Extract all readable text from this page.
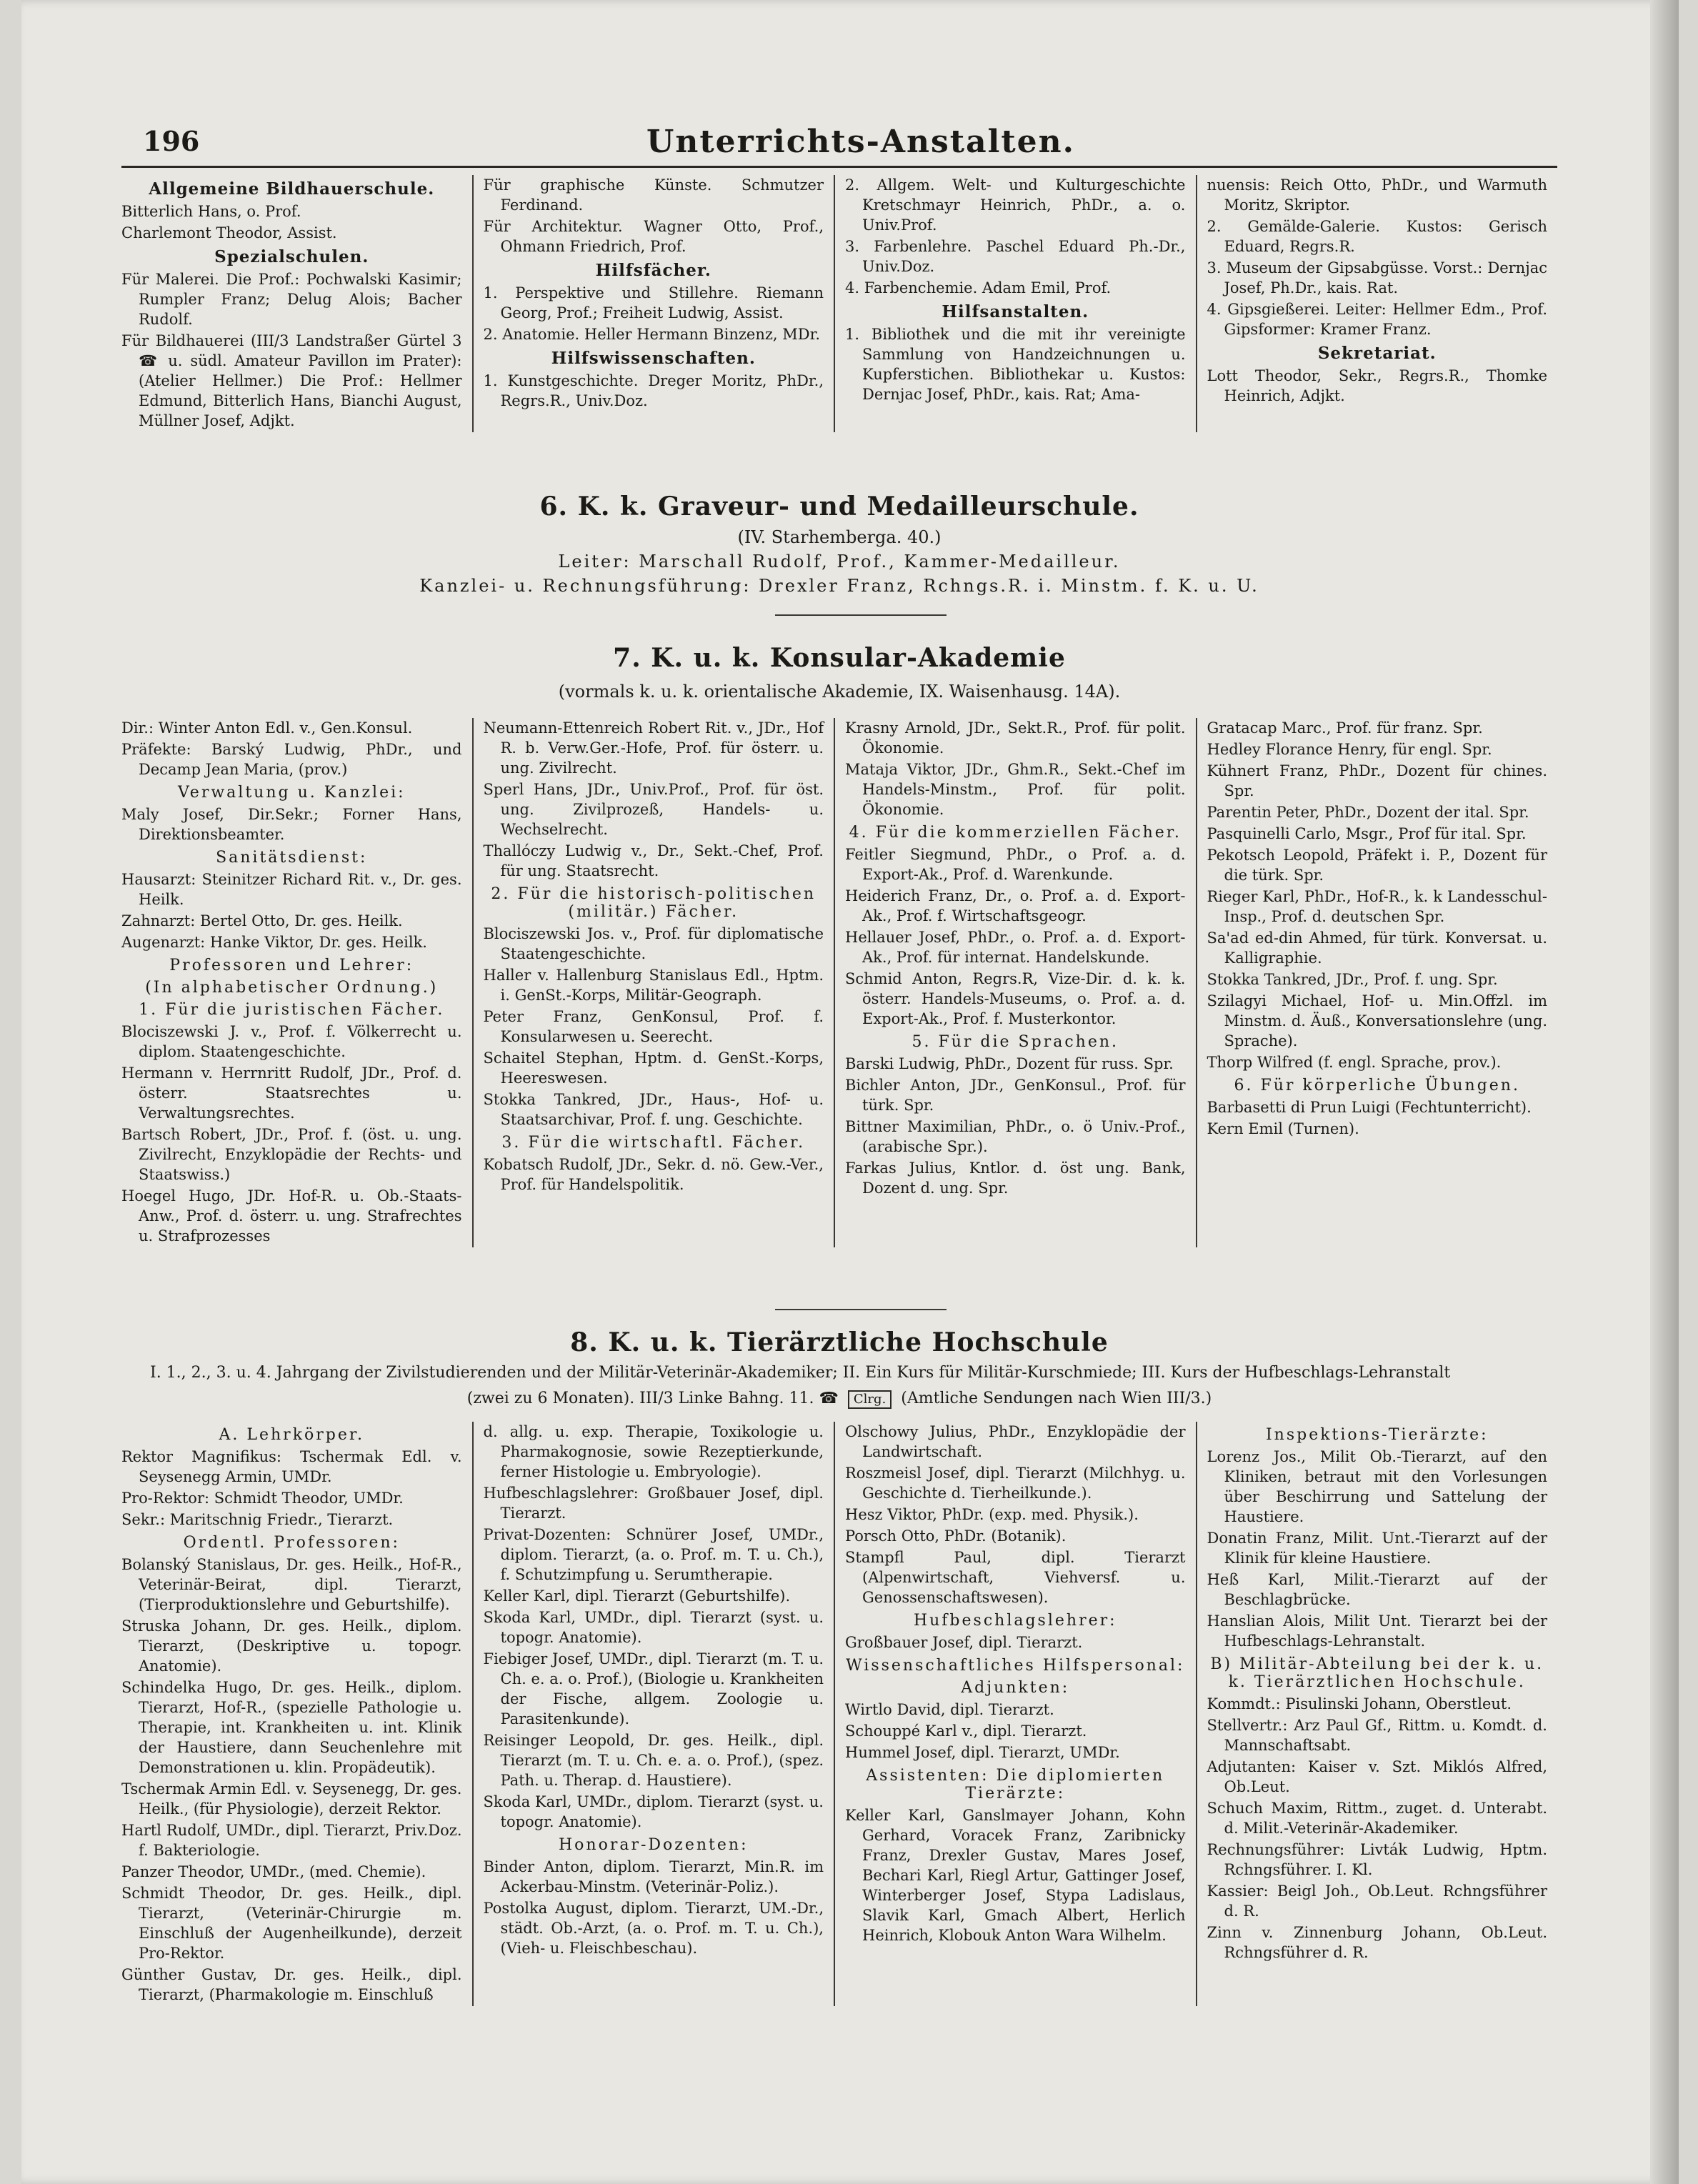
196	Unterrichts-Anstalten.
Allgemeine Bildhauerschule.

Bitterlich Hans, o. Prof.

Charlemont Theodor, Assist.

Spezialschulen.

Für Malerei. Die Prof.: Pochwalski Kasimir; Rumpler Franz; Delug Alois; Bacher Rudolf.

Für Bildhauerei (III/3 Landstraßer Gürtel 3 ☎ u. südl. Amateur Pavillon im Prater): (Atelier Hellmer.) Die Prof.: Hellmer Edmund, Bitterlich Hans, Bianchi August, Müllner Josef, Adjkt.

Für graphische Künste. Schmutzer Ferdinand.

Für Architektur. Wagner Otto, Prof., Ohmann Friedrich, Prof.

Hilfsfächer.

1. Perspektive und Stillehre. Riemann Georg, Prof.; Freiheit Ludwig, Assist.

2. Anatomie. Heller Hermann Binzenz, MDr.

Hilfswissenschaften.

1. Kunstgeschichte. Dreger Moritz, PhDr., Regrs.R., Univ.Doz.

2. Allgem. Welt- und Kulturgeschichte Kretschmayr Heinrich, PhDr., a. o. Univ.Prof.

3. Farbenlehre. Paschel Eduard Ph.-Dr., Univ.Doz.

4. Farbenchemie. Adam Emil, Prof.

Hilfsanstalten.

1. Bibliothek und die mit ihr vereinigte Sammlung von Handzeichnungen u. Kupferstichen. Bibliothekar u. Kustos: Dernjac Josef, PhDr., kais. Rat; Ama-

nuensis: Reich Otto, PhDr., und Warmuth Moritz, Skriptor.

2. Gemälde-Galerie. Kustos: Gerisch Eduard, Regrs.R.

3. Museum der Gipsabgüsse. Vorst.: Dernjac Josef, Ph.Dr., kais. Rat.

4. Gipsgießerei. Leiter: Hellmer Edm., Prof. Gipsformer: Kramer Franz.

Sekretariat.

Lott Theodor, Sekr., Regrs.R., Thomke Heinrich, Adjkt.

6. K. k. Graveur- und Medailleurschule.
(IV. Starhemberga. 40.)
Leiter: Marschall Rudolf, Prof., Kammer-Medailleur.
Kanzlei- u. Rechnungsführung: Drexler Franz, Rchngs.R. i. Minstm. f. K. u. U.
7. K. u. k. Konsular-Akademie
(vormals k. u. k. orientalische Akademie, IX. Waisenhausg. 14A).

Dir.: Winter Anton Edl. v., Gen.Konsul.

Präfekte: Barský Ludwig, PhDr., und Decamp Jean Maria, (prov.)

Verwaltung u. Kanzlei:

Maly Josef, Dir.Sekr.; Forner Hans, Direktionsbeamter.

Sanitätsdienst:

Hausarzt: Steinitzer Richard Rit. v., Dr. ges. Heilk.

Zahnarzt: Bertel Otto, Dr. ges. Heilk.

Augenarzt: Hanke Viktor, Dr. ges. Heilk.

Professoren und Lehrer:
(In alphabetischer Ordnung.)
1. Für die juristischen Fächer.

Blociszewski J. v., Prof. f. Völkerrecht u. diplom. Staatengeschichte.

Hermann v. Herrnritt Rudolf, JDr., Prof. d. österr. Staatsrechtes u. Verwaltungsrechtes.

Bartsch Robert, JDr., Prof. f. (öst. u. ung. Zivilrecht, Enzyklopädie der Rechts- und Staatswiss.)

Hoegel Hugo, JDr. Hof-R. u. Ob.-Staats-Anw., Prof. d. österr. u. ung. Strafrechtes u. Strafprozesses

Neumann-Ettenreich Robert Rit. v., JDr., Hof R. b. Verw.Ger.-Hofe, Prof. für österr. u. ung. Zivilrecht.

Sperl Hans, JDr., Univ.Prof., Prof. für öst. ung. Zivilprozeß, Handels- u. Wechselrecht.

Thallóczy Ludwig v., Dr., Sekt.-Chef, Prof. für ung. Staatsrecht.

2. Für die historisch-politischen (militär.) Fächer.

Blociszewski Jos. v., Prof. für diplomatische Staatengeschichte.

Haller v. Hallenburg Stanislaus Edl., Hptm. i. GenSt.-Korps, Militär-Geograph.

Peter Franz, GenKonsul, Prof. f. Konsularwesen u. Seerecht.

Schaitel Stephan, Hptm. d. GenSt.-Korps, Heereswesen.

Stokka Tankred, JDr., Haus-, Hof- u. Staatsarchivar, Prof. f. ung. Geschichte.

3. Für die wirtschaftl. Fächer.

Kobatsch Rudolf, JDr., Sekr. d. nö. Gew.-Ver., Prof. für Handelspolitik.

Krasny Arnold, JDr., Sekt.R., Prof. für polit. Ökonomie.

Mataja Viktor, JDr., Ghm.R., Sekt.-Chef im Handels-Minstm., Prof. für polit. Ökonomie.

4. Für die kommerziellen Fächer.

Feitler Siegmund, PhDr., o Prof. a. d. Export-Ak., Prof. d. Warenkunde.

Heiderich Franz, Dr., o. Prof. a. d. Export-Ak., Prof. f. Wirtschaftsgeogr.

Hellauer Josef, PhDr., o. Prof. a. d. Export-Ak., Prof. für internat. Handelskunde.

Schmid Anton, Regrs.R, Vize-Dir. d. k. k. österr. Handels-Museums, o. Prof. a. d. Export-Ak., Prof. f. Musterkontor.

5. Für die Sprachen.

Barski Ludwig, PhDr., Dozent für russ. Spr.

Bichler Anton, JDr., GenKonsul., Prof. für türk. Spr.

Bittner Maximilian, PhDr., o. ö Univ.-Prof., (arabische Spr.).

Farkas Julius, Kntlor. d. öst ung. Bank, Dozent d. ung. Spr.

Gratacap Marc., Prof. für franz. Spr.

Hedley Florance Henry, für engl. Spr.

Kühnert Franz, PhDr., Dozent für chines. Spr.

Parentin Peter, PhDr., Dozent der ital. Spr.

Pasquinelli Carlo, Msgr., Prof für ital. Spr.

Pekotsch Leopold, Präfekt i. P., Dozent für die türk. Spr.

Rieger Karl, PhDr., Hof-R., k. k Landesschul-Insp., Prof. d. deutschen Spr.

Sa'ad ed-din Ahmed, für türk. Konversat. u. Kalligraphie.

Stokka Tankred, JDr., Prof. f. ung. Spr.

Szilagyi Michael, Hof- u. Min.Offzl. im Minstm. d. Äuß., Konversationslehre (ung. Sprache).

Thorp Wilfred (f. engl. Sprache, prov.).

6. Für körperliche Übungen.

Barbasetti di Prun Luigi (Fechtunterricht).

Kern Emil (Turnen).

8. K. u. k. Tierärztliche Hochschule
I. 1., 2., 3. u. 4. Jahrgang der Zivilstudierenden und der Militär-Veterinär-Akademiker; II. Ein Kurs für Militär-Kurschmiede; III. Kurs der Hufbeschlags-Lehranstalt
(zwei zu 6 Monaten). III/3 Linke Bahng. 11. ☎ Clrg. (Amtliche Sendungen nach Wien III/3.)
A. Lehrkörper.

Rektor Magnifikus: Tschermak Edl. v. Seysenegg Armin, UMDr.

Pro-Rektor: Schmidt Theodor, UMDr.

Sekr.: Maritschnig Friedr., Tierarzt.

Ordentl. Professoren:

Bolanský Stanislaus, Dr. ges. Heilk., Hof-R., Veterinär-Beirat, dipl. Tierarzt, (Tierproduktionslehre und Geburtshilfe).

Struska Johann, Dr. ges. Heilk., diplom. Tierarzt, (Deskriptive u. topogr. Anatomie).

Schindelka Hugo, Dr. ges. Heilk., diplom. Tierarzt, Hof-R., (spezielle Pathologie u. Therapie, int. Krankheiten u. int. Klinik der Haustiere, dann Seuchenlehre mit Demonstrationen u. klin. Propädeutik).

Tschermak Armin Edl. v. Seysenegg, Dr. ges. Heilk., (für Physiologie), derzeit Rektor.

Hartl Rudolf, UMDr., dipl. Tierarzt, Priv.Doz. f. Bakteriologie.

Panzer Theodor, UMDr., (med. Chemie).

Schmidt Theodor, Dr. ges. Heilk., dipl. Tierarzt, (Veterinär-Chirurgie m. Einschluß der Augenheilkunde), derzeit Pro-Rektor.

Günther Gustav, Dr. ges. Heilk., dipl. Tierarzt, (Pharmakologie m. Einschluß

d. allg. u. exp. Therapie, Toxikologie u. Pharmakognosie, sowie Rezeptierkunde, ferner Histologie u. Embryologie).

Hufbeschlagslehrer: Großbauer Josef, dipl. Tierarzt.

Privat-Dozenten: Schnürer Josef, UMDr., diplom. Tierarzt, (a. o. Prof. m. T. u. Ch.), f. Schutzimpfung u. Serumtherapie.

Keller Karl, dipl. Tierarzt (Geburtshilfe).

Skoda Karl, UMDr., dipl. Tierarzt (syst. u. topogr. Anatomie).

Fiebiger Josef, UMDr., dipl. Tierarzt (m. T. u. Ch. e. a. o. Prof.), (Biologie u. Krankheiten der Fische, allgem. Zoologie u. Parasitenkunde).

Reisinger Leopold, Dr. ges. Heilk., dipl. Tierarzt (m. T. u. Ch. e. a. o. Prof.), (spez. Path. u. Therap. d. Haustiere).

Skoda Karl, UMDr., diplom. Tierarzt (syst. u. topogr. Anatomie).

Honorar-Dozenten:

Binder Anton, diplom. Tierarzt, Min.R. im Ackerbau-Minstm. (Veterinär-Poliz.).

Postolka August, diplom. Tierarzt, UM.-Dr., städt. Ob.-Arzt, (a. o. Prof. m. T. u. Ch.), (Vieh- u. Fleischbeschau).

Olschowy Julius, PhDr., Enzyklopädie der Landwirtschaft.

Roszmeisl Josef, dipl. Tierarzt (Milchhyg. u. Geschichte d. Tierheilkunde.).

Hesz Viktor, PhDr. (exp. med. Physik.).

Porsch Otto, PhDr. (Botanik).

Stampfl Paul, dipl. Tierarzt (Alpenwirtschaft, Viehversf. u. Genossenschaftswesen).

Hufbeschlagslehrer:

Großbauer Josef, dipl. Tierarzt.

Wissenschaftliches Hilfspersonal:
Adjunkten:

Wirtlo David, dipl. Tierarzt.

Schouppé Karl v., dipl. Tierarzt.

Hummel Josef, dipl. Tierarzt, UMDr.

Assistenten: Die diplomierten Tierärzte:

Keller Karl, Ganslmayer Johann, Kohn Gerhard, Voracek Franz, Zaribnicky Franz, Drexler Gustav, Mares Josef, Bechari Karl, Riegl Artur, Gattinger Josef, Winterberger Josef, Stypa Ladislaus, Slavik Karl, Gmach Albert, Herlich Heinrich, Klobouk Anton Wara Wilhelm.

Inspektions-Tierärzte:

Lorenz Jos., Milit Ob.-Tierarzt, auf den Kliniken, betraut mit den Vorlesungen über Beschirrung und Sattelung der Haustiere.

Donatin Franz, Milit. Unt.-Tierarzt auf der Klinik für kleine Haustiere.

Heß Karl, Milit.-Tierarzt auf der Beschlagbrücke.

Hanslian Alois, Milit Unt. Tierarzt bei der Hufbeschlags-Lehranstalt.

B) Militär-Abteilung bei der k. u. k. Tierärztlichen Hochschule.

Kommdt.: Pisulinski Johann, Oberstleut.

Stellvertr.: Arz Paul Gf., Rittm. u. Komdt. d. Mannschaftsabt.

Adjutanten: Kaiser v. Szt. Miklós Alfred, Ob.Leut.

Schuch Maxim, Rittm., zuget. d. Unterabt. d. Milit.-Veterinär-Akademiker.

Rechnungsführer: Livták Ludwig, Hptm. Rchngsführer. I. Kl.

Kassier: Beigl Joh., Ob.Leut. Rchngsführer d. R.

Zinn v. Zinnenburg Johann, Ob.Leut. Rchngsführer d. R.
